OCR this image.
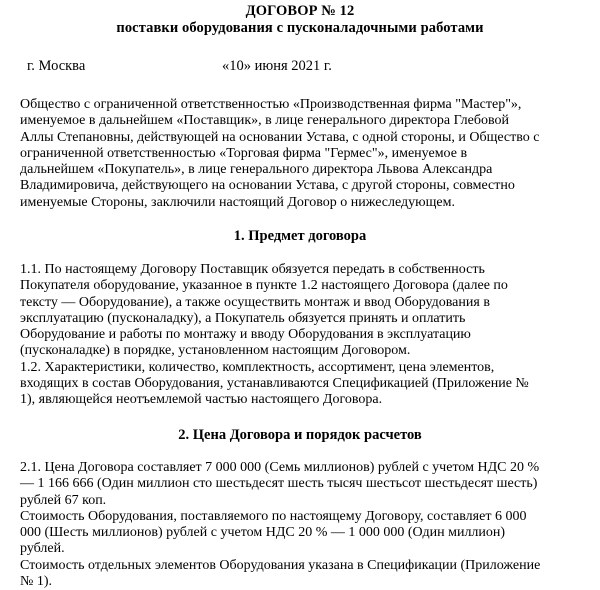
ДОГОВОР № 12
поставки оборудования с пусконаладочными работами
г. Москва	«10» июня 2021 г.
Общество с ограниченной ответственностью «Производственная фирма "Мастер"»,
именуемое в дальнейшем «Поставщик», в лице генерального директора Глебовой
Аллы Степановны, действующей на основании Устава, с одной стороны, и Общество с
ограниченной ответственностью «Торговая фирма "Гермес"», именуемое в
дальнейшем «Покупатель», в лице генерального директора Львова Александра
Владимировича, действующего на основании Устава, с другой стороны, совместно
именуемые Стороны, заключили настоящий Договор о нижеследующем.
1. Предмет договора
1.1. По настоящему Договору Поставщик обязуется передать в собственность
Покупателя оборудование, указанное в пункте 1.2 настоящего Договора (далее по
тексту — Оборудование), а также осуществить монтаж и ввод Оборудования в
эксплуатацию (пусконаладку), а Покупатель обязуется принять и оплатить
Оборудование и работы по монтажу и вводу Оборудования в эксплуатацию
(пусконаладке) в порядке, установленном настоящим Договором.
1.2. Характеристики, количество, комплектность, ассортимент, цена элементов,
входящих в состав Оборудования, устанавливаются Спецификацией (Приложение №
1), являющейся неотъемлемой частью настоящего Договора.
2. Цена Договора и порядок расчетов
2.1. Цена Договора составляет 7 000 000 (Семь миллионов) рублей с учетом НДС 20 %
— 1 166 666 (Один миллион сто шестьдесят шесть тысяч шестьсот шестьдесят шесть)
рублей 67 коп.
Стоимость Оборудования, поставляемого по настоящему Договору, составляет 6 000
000 (Шесть миллионов) рублей с учетом НДС 20 % — 1 000 000 (Один миллион)
рублей.
Стоимость отдельных элементов Оборудования указана в Спецификации (Приложение
№ 1).
